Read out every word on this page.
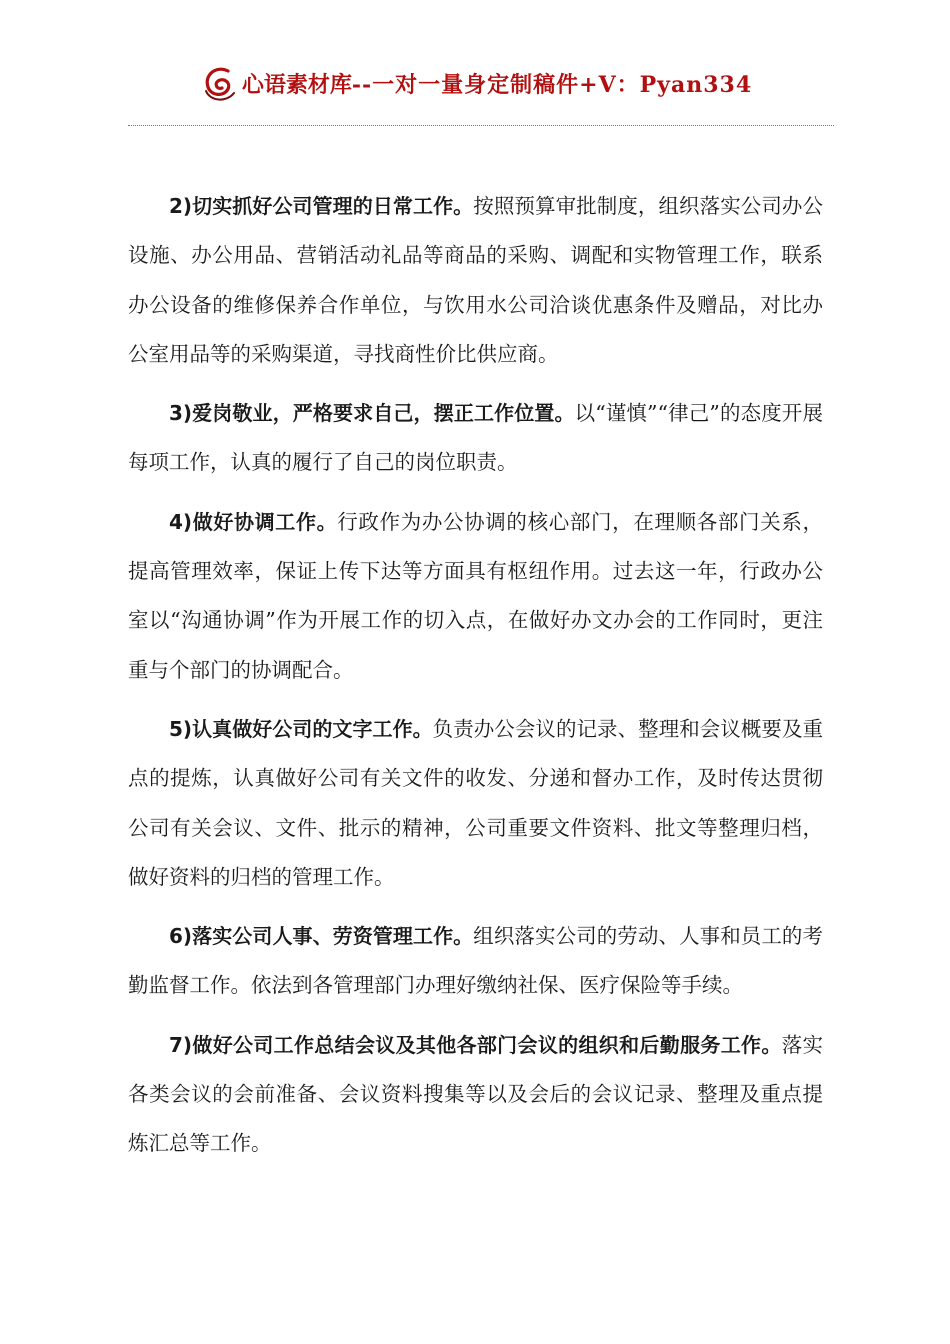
心语素材库 --一对一量身定制稿件+V：Pyan334

2)切实抓好公司管理的日常工作。按照预算审批制度，组织落实公司办公设施、办公用品、营销活动礼品等商品的采购、调配和实物管理工作，联系办公设备的维修保养合作单位，与饮用水公司洽谈优惠条件及赠品，对比办公室用品等的采购渠道，寻找商性价比供应商。

3)爱岗敬业，严格要求自己，摆正工作位置。以“谨慎”“律己”的态度开展每项工作，认真的履行了自己的岗位职责。

4)做好协调工作。行政作为办公协调的核心部门，在理顺各部门关系，提高管理效率，保证上传下达等方面具有枢纽作用。过去这一年，行政办公室以“沟通协调”作为开展工作的切入点，在做好办文办会的工作同时，更注重与个部门的协调配合。

5)认真做好公司的文字工作。负责办公会议的记录、整理和会议概要及重点的提炼，认真做好公司有关文件的收发、分递和督办工作，及时传达贯彻公司有关会议、文件、批示的精神，公司重要文件资料、批文等整理归档，做好资料的归档的管理工作。

6)落实公司人事、劳资管理工作。组织落实公司的劳动、人事和员工的考勤监督工作。依法到各管理部门办理好缴纳社保、医疗保险等手续。

7)做好公司工作总结会议及其他各部门会议的组织和后勤服务工作。落实各类会议的会前准备、会议资料搜集等以及会后的会议记录、整理及重点提炼汇总等工作。
